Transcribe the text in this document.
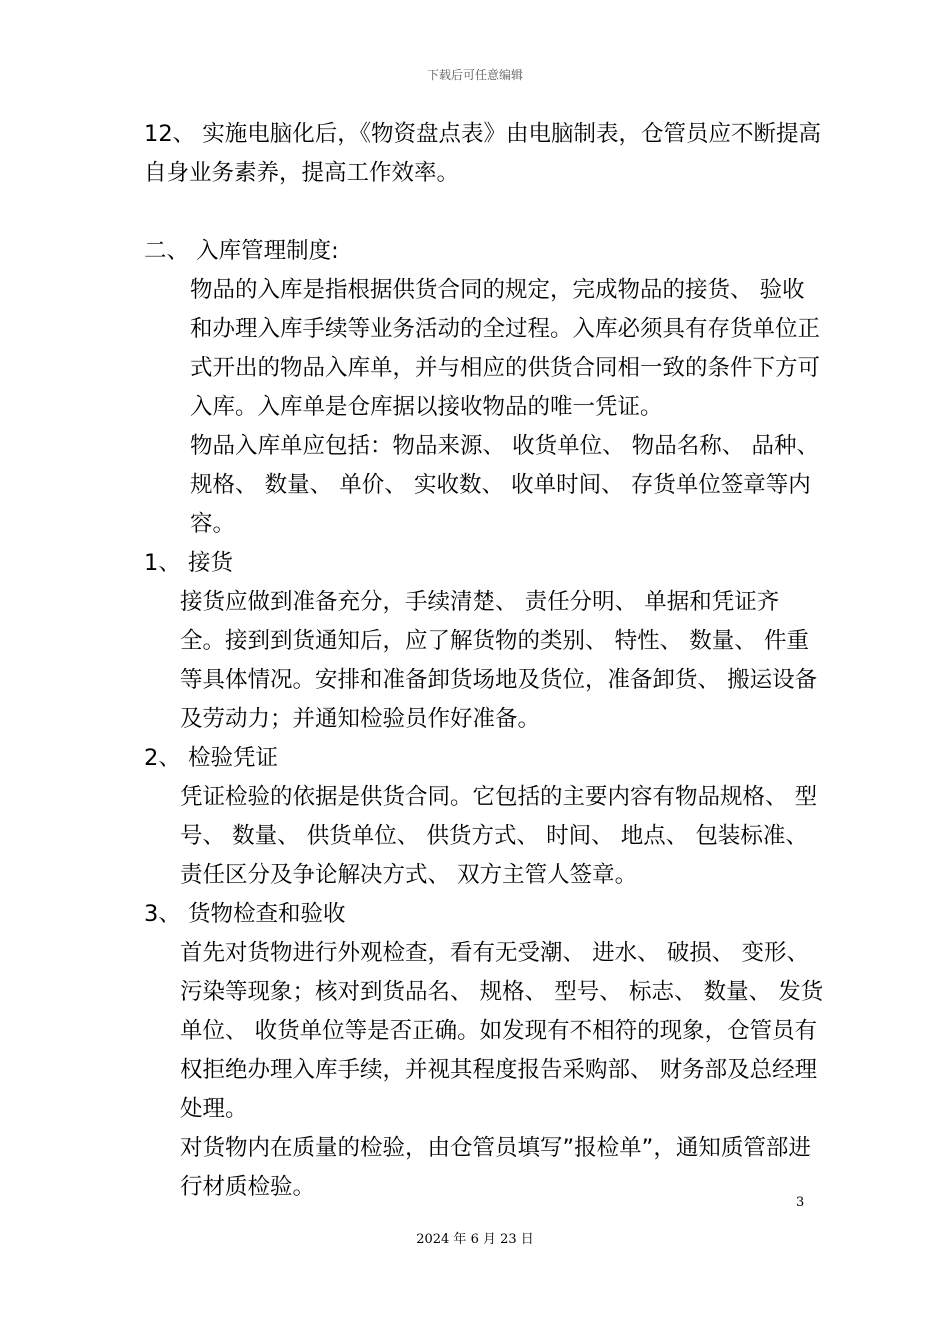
下载后可任意编辑

12、 实施电脑化后，《物资盘点表》由电脑制表，仓管员应不断提高自身业务素养，提高工作效率。

二、 入库管理制度:

物品的入库是指根据供货合同的规定，完成物品的接货、 验收和办理入库手续等业务活动的全过程。入库必须具有存货单位正式开出的物品入库单，并与相应的供货合同相一致的条件下方可入库。入库单是仓库据以接收物品的唯一凭证。

物品入库单应包括：物品来源、 收货单位、 物品名称、 品种、 规格、 数量、 单价、 实收数、 收单时间、 存货单位签章等内容。

1、 接货

接货应做到准备充分，手续清楚、 责任分明、 单据和凭证齐全。接到到货通知后，应了解货物的类别、 特性、 数量、 件重等具体情况。安排和准备卸货场地及货位，准备卸货、 搬运设备及劳动力；并通知检验员作好准备。

2、 检验凭证

凭证检验的依据是供货合同。它包括的主要内容有物品规格、 型号、 数量、 供货单位、 供货方式、 时间、 地点、 包装标准、 责任区分及争论解决方式、 双方主管人签章。

3、 货物检查和验收

首先对货物进行外观检查，看有无受潮、 进水、 破损、 变形、 污染等现象；核对到货品名、 规格、 型号、 标志、 数量、 发货单位、 收货单位等是否正确。如发现有不相符的现象，仓管员有权拒绝办理入库手续，并视其程度报告采购部、 财务部及总经理处理。

对货物内在质量的检验，由仓管员填写”报检单”，通知质管部进行材质检验。

3
2024 年 6 月 23 日
